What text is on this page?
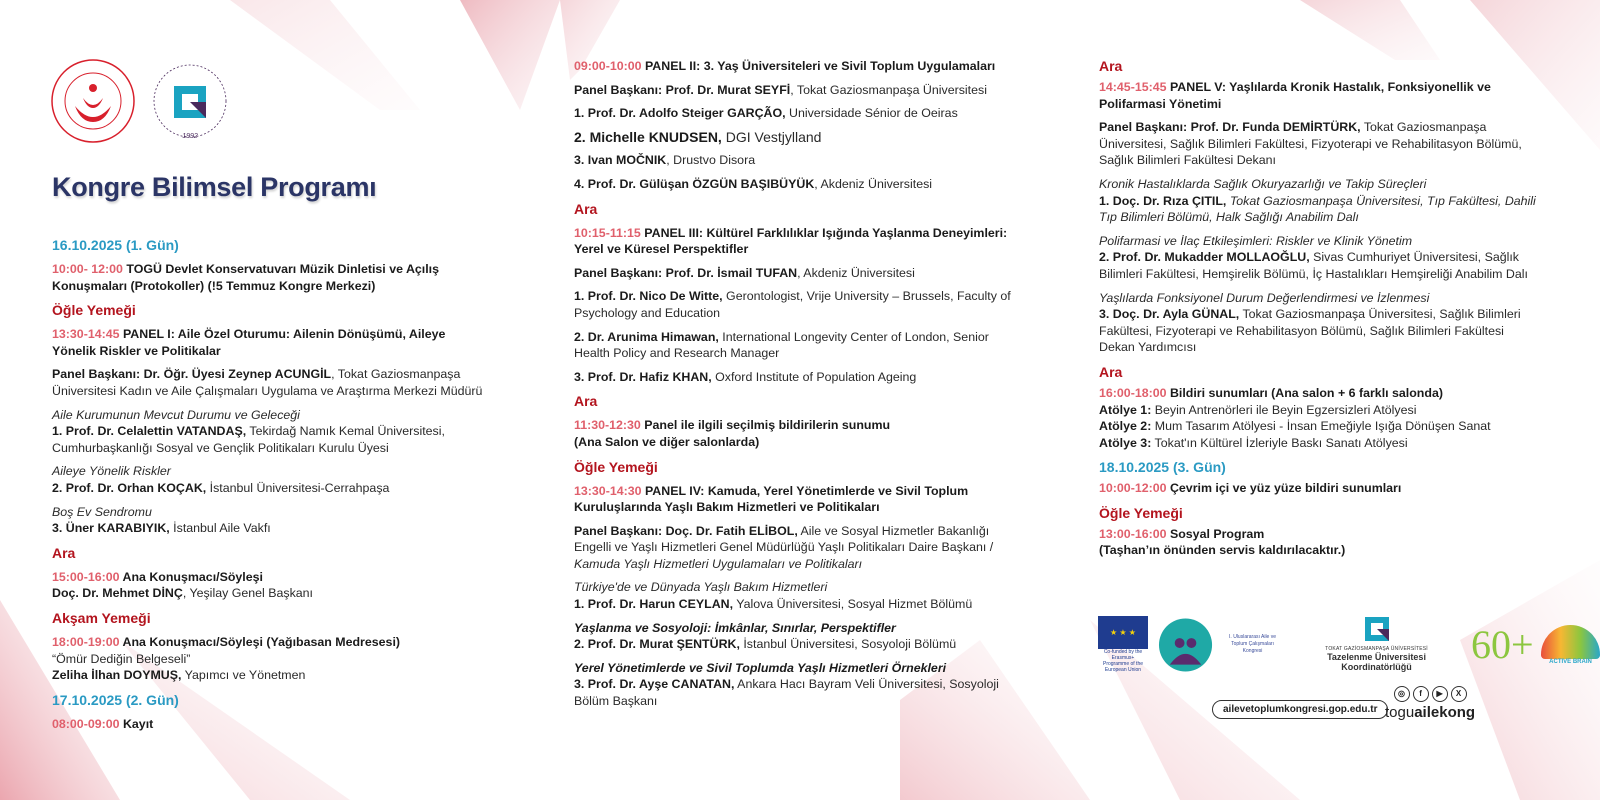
1992
Kongre Bilimsel Programı
16.10.2025 (1. Gün)
10:00- 12:00 TOGÜ Devlet Konservatuvarı Müzik Dinletisi ve Açılış Konuşmaları (Protokoller) (!5 Temmuz Kongre Merkezi)
Öğle Yemeği
13:30-14:45 PANEL I: Aile Özel Oturumu: Ailenin Dönüşümü, Aileye Yönelik Riskler ve Politikalar
Panel Başkanı: Dr. Öğr. Üyesi Zeynep ACUNGİL, Tokat Gaziosmanpaşa Üniversitesi Kadın ve Aile Çalışmaları Uygulama ve Araştırma Merkezi Müdürü
Aile Kurumunun Mevcut Durumu ve Geleceği
1. Prof. Dr. Celalettin VATANDAŞ, Tekirdağ Namık Kemal Üniversitesi, Cumhurbaşkanlığı Sosyal ve Gençlik Politikaları Kurulu Üyesi
Aileye Yönelik Riskler
2. Prof. Dr. Orhan KOÇAK, İstanbul Üniversitesi-Cerrahpaşa
Boş Ev Sendromu
3. Üner KARABIYIK, İstanbul Aile Vakfı
Ara
15:00-16:00 Ana Konuşmacı/Söyleşi
Doç. Dr. Mehmet DİNÇ, Yeşilay Genel Başkanı
Akşam Yemeği
18:00-19:00 Ana Konuşmacı/Söyleşi (Yağıbasan Medresesi)
“Ömür Dediğin Belgeseli”
Zeliha İlhan DOYMUŞ, Yapımcı ve Yönetmen
17.10.2025 (2. Gün)
08:00-09:00 Kayıt
09:00-10:00 PANEL II: 3. Yaş Üniversiteleri ve Sivil Toplum Uygulamaları
Panel Başkanı: Prof. Dr. Murat SEYFİ, Tokat Gaziosmanpaşa Üniversitesi
1. Prof. Dr. Adolfo Steiger GARÇÃO, Universidade Sénior de Oeiras
2. Michelle KNUDSEN, DGI Vestjylland
3. Ivan MOČNIK, Drustvo Disora
4. Prof. Dr. Gülüşan ÖZGÜN BAŞIBÜYÜK, Akdeniz Üniversitesi
Ara
10:15-11:15 PANEL III: Kültürel Farklılıklar Işığında Yaşlanma Deneyimleri: Yerel ve Küresel Perspektifler
Panel Başkanı: Prof. Dr. İsmail TUFAN, Akdeniz Üniversitesi
1. Prof. Dr. Nico De Witte, Gerontologist, Vrije University – Brussels, Faculty of Psychology and Education
2. Dr. Arunima Himawan, International Longevity Center of London, Senior Health Policy and Research Manager
3. Prof. Dr. Hafiz KHAN, Oxford Institute of Population Ageing
Ara
11:30-12:30 Panel ile ilgili seçilmiş bildirilerin sunumu
(Ana Salon ve diğer salonlarda)
Öğle Yemeği
13:30-14:30 PANEL IV: Kamuda, Yerel Yönetimlerde ve Sivil Toplum Kuruluşlarında Yaşlı Bakım Hizmetleri ve Politikaları
Panel Başkanı: Doç. Dr. Fatih ELİBOL, Aile ve Sosyal Hizmetler Bakanlığı Engelli ve Yaşlı Hizmetleri Genel Müdürlüğü Yaşlı Politikaları Daire Başkanı / Kamuda Yaşlı Hizmetleri Uygulamaları ve Politikaları
Türkiye'de ve Dünyada Yaşlı Bakım Hizmetleri
1. Prof. Dr. Harun CEYLAN, Yalova Üniversitesi, Sosyal Hizmet Bölümü
Yaşlanma ve Sosyoloji: İmkânlar, Sınırlar, Perspektifler
2. Prof. Dr. Murat ŞENTÜRK, İstanbul Üniversitesi, Sosyoloji Bölümü
Yerel Yönetimlerde ve Sivil Toplumda Yaşlı Hizmetleri Örnekleri
3. Prof. Dr. Ayşe CANATAN, Ankara Hacı Bayram Veli Üniversitesi, Sosyoloji Bölüm Başkanı
Ara
14:45-15:45 PANEL V: Yaşlılarda Kronik Hastalık, Fonksiyonellik ve Polifarmasi Yönetimi
Panel Başkanı: Prof. Dr. Funda DEMİRTÜRK, Tokat Gaziosmanpaşa Üniversitesi, Sağlık Bilimleri Fakültesi, Fizyoterapi ve Rehabilitasyon Bölümü, Sağlık Bilimleri Fakültesi Dekanı
Kronik Hastalıklarda Sağlık Okuryazarlığı ve Takip Süreçleri
1. Doç. Dr. Rıza ÇITIL, Tokat Gaziosmanpaşa Üniversitesi, Tıp Fakültesi, Dahili Tıp Bilimleri Bölümü, Halk Sağlığı Anabilim Dalı
Polifarmasi ve İlaç Etkileşimleri: Riskler ve Klinik Yönetim
2. Prof. Dr. Mukadder MOLLAOĞLU, Sivas Cumhuriyet Üniversitesi, Sağlık Bilimleri Fakültesi, Hemşirelik Bölümü, İç Hastalıkları Hemşireliği Anabilim Dalı
Yaşlılarda Fonksiyonel Durum Değerlendirmesi ve İzlenmesi
3. Doç. Dr. Ayla GÜNAL, Tokat Gaziosmanpaşa Üniversitesi, Sağlık Bilimleri Fakültesi, Fizyoterapi ve Rehabilitasyon Bölümü, Sağlık Bilimleri Fakültesi Dekan Yardımcısı
Ara
16:00-18:00 Bildiri sunumları (Ana salon + 6 farklı salonda)
Atölye 1: Beyin Antrenörleri ile Beyin Egzersizleri Atölyesi
Atölye 2: Mum Tasarım Atölyesi - İnsan Emeğiyle Işığa Dönüşen Sanat
Atölye 3: Tokat'ın Kültürel İzleriyle Baskı Sanatı Atölyesi
18.10.2025 (3. Gün)
10:00-12:00 Çevrim içi ve yüz yüze bildiri sunumları
Öğle Yemeği
13:00-16:00 Sosyal Program
(Taşhan’ın önünden servis kaldırılacaktır.)
★ ★ ★
Co-funded by the Erasmus+ Programme of the European Union
I. Uluslararası Aile ve Toplum Çalışmaları Kongresi	TOKAT GAZİOSMANPAŞA ÜNİVERSİTESİ
Tazelenme Üniversitesi Koordinatörlüğü	60+	ACTIVE BRAIN
ailevetoplumkongresi.gop.edu.tr
◎	f	▶	X
toguailekong
